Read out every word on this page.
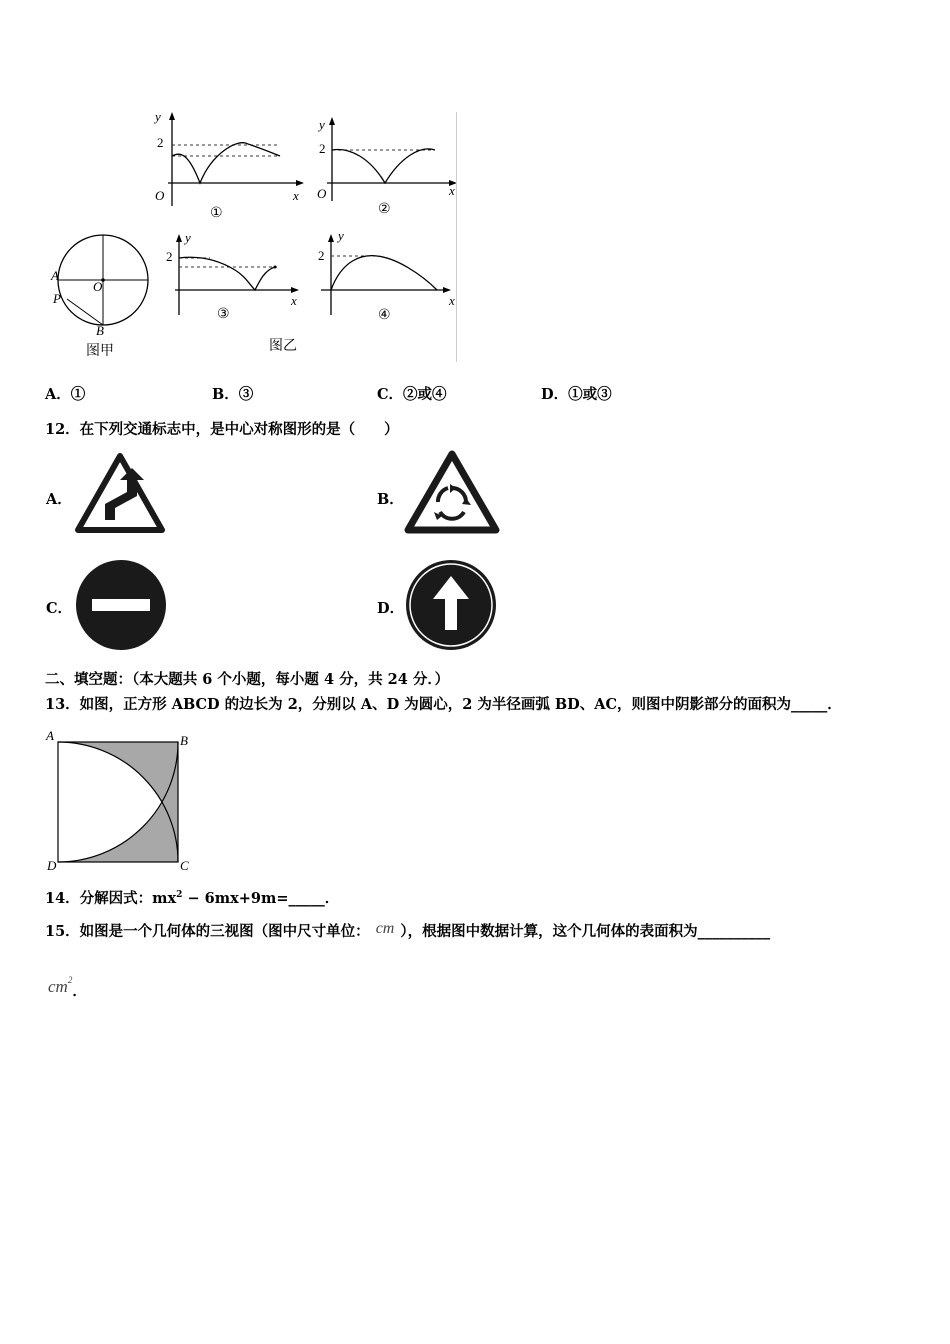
y
2
O	x
①
y
2
O	x
②
A
P
O
B
图甲
y
2
x
③
图乙
y
2
x
④
A．①	B．③	C．②或④	D．①或③
12．在下列交通标志中，是中心对称图形的是（　　）
A．	B．
C．	D．
二、填空题：（本大题共 6 个小题，每小题 4 分，共 24 分．）
13．如图，正方形 ABCD 的边长为 2，分别以 A、D 为圆心，2 为半径画弧 BD、AC，则图中阴影部分的面积为_____．
A	B
C
D
14．分解因式：$mx^2$ − 6mx+9m=_____．
15．如图是一个几何体的三视图（图中尺寸单位： cm ），根据图中数据计算，这个几何体的表面积为__________
$cm^2$．
